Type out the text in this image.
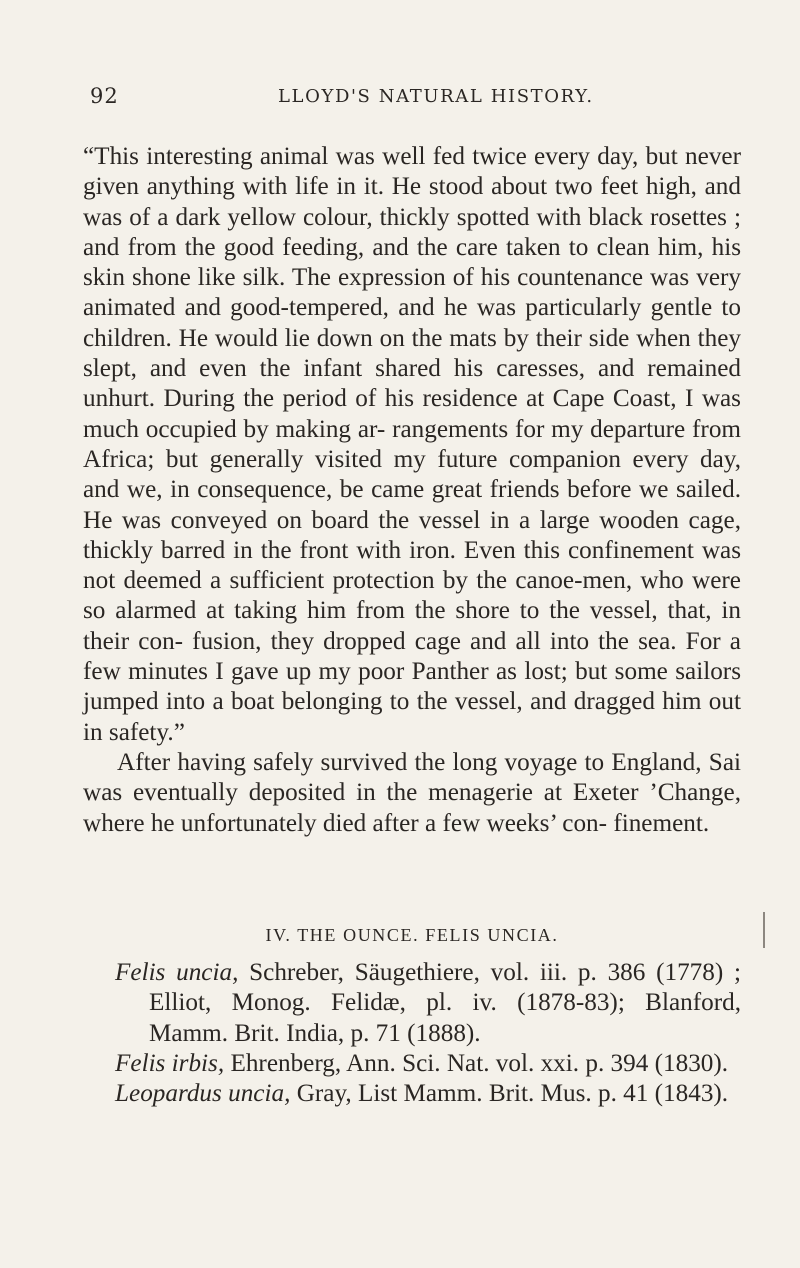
92	LLOYD'S NATURAL HISTORY.

“This interesting animal was well fed twice every day, but never given anything with life in it. He stood about two feet high, and was of a dark yellow colour, thickly spotted with black rosettes ; and from the good feeding, and the care taken to clean him, his skin shone like silk. The expression of his countenance was very animated and good-tempered, and he was particularly gentle to children. He would lie down on the mats by their side when they slept, and even the infant shared his caresses, and remained unhurt. During the period of his residence at Cape Coast, I was much occupied by making ar- rangements for my departure from Africa; but generally visited my future companion every day, and we, in consequence, be came great friends before we sailed. He was conveyed on board the vessel in a large wooden cage, thickly barred in the front with iron. Even this confinement was not deemed a sufficient protection by the canoe-men, who were so alarmed at taking him from the shore to the vessel, that, in their con- fusion, they dropped cage and all into the sea. For a few minutes I gave up my poor Panther as lost; but some sailors jumped into a boat belonging to the vessel, and dragged him out in safety.”

After having safely survived the long voyage to England, Sai was eventually deposited in the menagerie at Exeter ’Change, where he unfortunately died after a few weeks’ con- finement.

IV. THE OUNCE. FELIS UNCIA.

Felis uncia, Schreber, Säugethiere, vol. iii. p. 386 (1778) ; Elliot, Monog. Felidæ, pl. iv. (1878-83); Blanford, Mamm. Brit. India, p. 71 (1888).

Felis irbis, Ehrenberg, Ann. Sci. Nat. vol. xxi. p. 394 (1830).

Leopardus uncia, Gray, List Mamm. Brit. Mus. p. 41 (1843).
